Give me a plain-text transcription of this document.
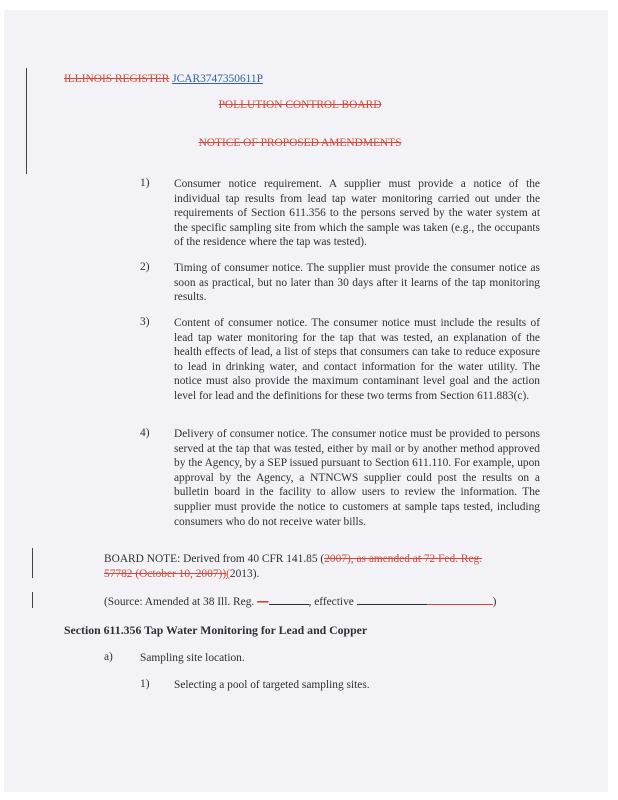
ILLINOIS REGISTER JCAR3747350611P
POLLUTION CONTROL BOARD
NOTICE OF PROPOSED AMENDMENTS
1) Consumer notice requirement. A supplier must provide a notice of the individual tap results from lead tap water monitoring carried out under the requirements of Section 611.356 to the persons served by the water system at the specific sampling site from which the sample was taken (e.g., the occupants of the residence where the tap was tested).
2) Timing of consumer notice. The supplier must provide the consumer notice as soon as practical, but no later than 30 days after it learns of the tap monitoring results.
3) Content of consumer notice. The consumer notice must include the results of lead tap water monitoring for the tap that was tested, an explanation of the health effects of lead, a list of steps that consumers can take to reduce exposure to lead in drinking water, and contact information for the water utility. The notice must also provide the maximum contaminant level goal and the action level for lead and the definitions for these two terms from Section 611.883(c).
4) Delivery of consumer notice. The consumer notice must be provided to persons served at the tap that was tested, either by mail or by another method approved by the Agency, by a SEP issued pursuant to Section 611.110. For example, upon approval by the Agency, a NTNCWS supplier could post the results on a bulletin board in the facility to allow users to review the information. The supplier must provide the notice to customers at sample taps tested, including consumers who do not receive water bills.
BOARD NOTE: Derived from 40 CFR 141.85 (2007), as amended at 72 Fed. Reg.
57782 (October 10, 2007))(2013).
(Source: Amended at 38 Ill. Reg. —	, effective	)
Section 611.356 Tap Water Monitoring for Lead and Copper
a) Sampling site location.
1) Selecting a pool of targeted sampling sites.
